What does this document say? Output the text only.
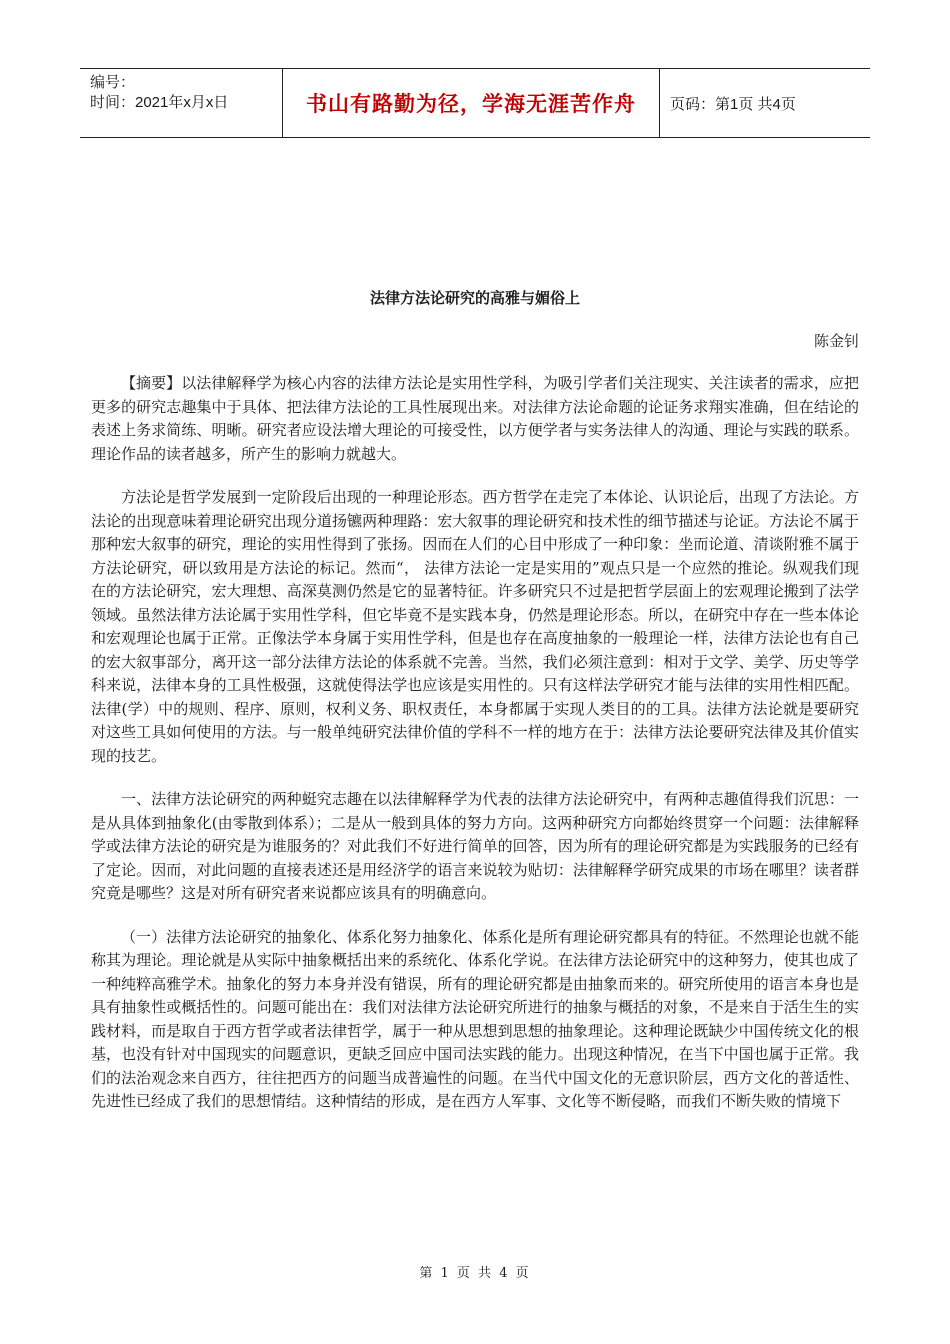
编号：
时间：2021年x月x日	书山有路勤为径，学海无涯苦作舟	页码：第1页 共4页
法律方法论研究的高雅与媚俗上
陈金钊

【摘要】以法律解释学为核心内容的法律方法论是实用性学科，为吸引学者们关注现实、关注读者的需求，应把更多的研究志趣集中于具体、把法律方法论的工具性展现出来。对法律方法论命题的论证务求翔实准确，但在结论的表述上务求简练、明晰。研究者应设法增大理论的可接受性，以方便学者与实务法律人的沟通、理论与实践的联系。理论作品的读者越多，所产生的影响力就越大。

方法论是哲学发展到一定阶段后出现的一种理论形态。西方哲学在走完了本体论、认识论后，出现了方法论。方法论的出现意味着理论研究出现分道扬镳两种理路：宏大叙事的理论研究和技术性的细节描述与论证。方法论不属于那种宏大叙事的研究，理论的实用性得到了张扬。因而在人们的心目中形成了一种印象：坐而论道、清谈附雅不属于方法论研究，研以致用是方法论的标记。然而“， 法律方法论一定是实用的”观点只是一个应然的推论。纵观我们现在的方法论研究，宏大理想、高深莫测仍然是它的显著特征。许多研究只不过是把哲学层面上的宏观理论搬到了法学领域。虽然法律方法论属于实用性学科，但它毕竟不是实践本身，仍然是理论形态。所以，在研究中存在一些本体论和宏观理论也属于正常。正像法学本身属于实用性学科，但是也存在高度抽象的一般理论一样，法律方法论也有自己的宏大叙事部分，离开这一部分法律方法论的体系就不完善。当然，我们必须注意到：相对于文学、美学、历史等学科来说，法律本身的工具性极强，这就使得法学也应该是实用性的。只有这样法学研究才能与法律的实用性相匹配。法律(学）中的规则、程序、原则，权利义务、职权责任，本身都属于实现人类目的的工具。法律方法论就是要研究对这些工具如何使用的方法。与一般单纯研究法律价值的学科不一样的地方在于：法律方法论要研究法律及其价值实现的技艺。

一、法律方法论研究的两种蜓究志趣在以法律解释学为代表的法律方法论研究中，有两种志趣值得我们沉思：一是从具体到抽象化(由零散到体系）；二是从一般到具体的努力方向。这两种研究方向都始终贯穿一个问题：法律解释学或法律方法论的研究是为谁服务的？对此我们不好进行简单的回答，因为所有的理论研究都是为实践服务的已经有了定论。因而，对此问题的直接表述还是用经济学的语言来说较为贴切：法律解释学研究成果的市场在哪里？读者群究竟是哪些？这是对所有研究者来说都应该具有的明确意向。

（一）法律方法论研究的抽象化、体系化努力抽象化、体系化是所有理论研究都具有的特征。不然理论也就不能称其为理论。理论就是从实际中抽象概括出来的系统化、体系化学说。在法律方法论研究中的这种努力，使其也成了一种纯粹高雅学术。抽象化的努力本身并没有错误，所有的理论研究都是由抽象而来的。研究所使用的语言本身也是具有抽象性或概括性的。问题可能出在：我们对法律方法论研究所进行的抽象与概括的对象，不是来自于活生生的实践材料，而是取自于西方哲学或者法律哲学，属于一种从思想到思想的抽象理论。这种理论既缺少中国传统文化的根基，也没有针对中国现实的问题意识，更缺乏回应中国司法实践的能力。出现这种情况，在当下中国也属于正常。我们的法治观念来自西方，往往把西方的问题当成普遍性的问题。在当代中国文化的无意识阶层，西方文化的普适性、先进性已经成了我们的思想情结。这种情结的形成，是在西方人军事、文化等不断侵略，而我们不断失败的情境下

第 1 页 共 4 页
